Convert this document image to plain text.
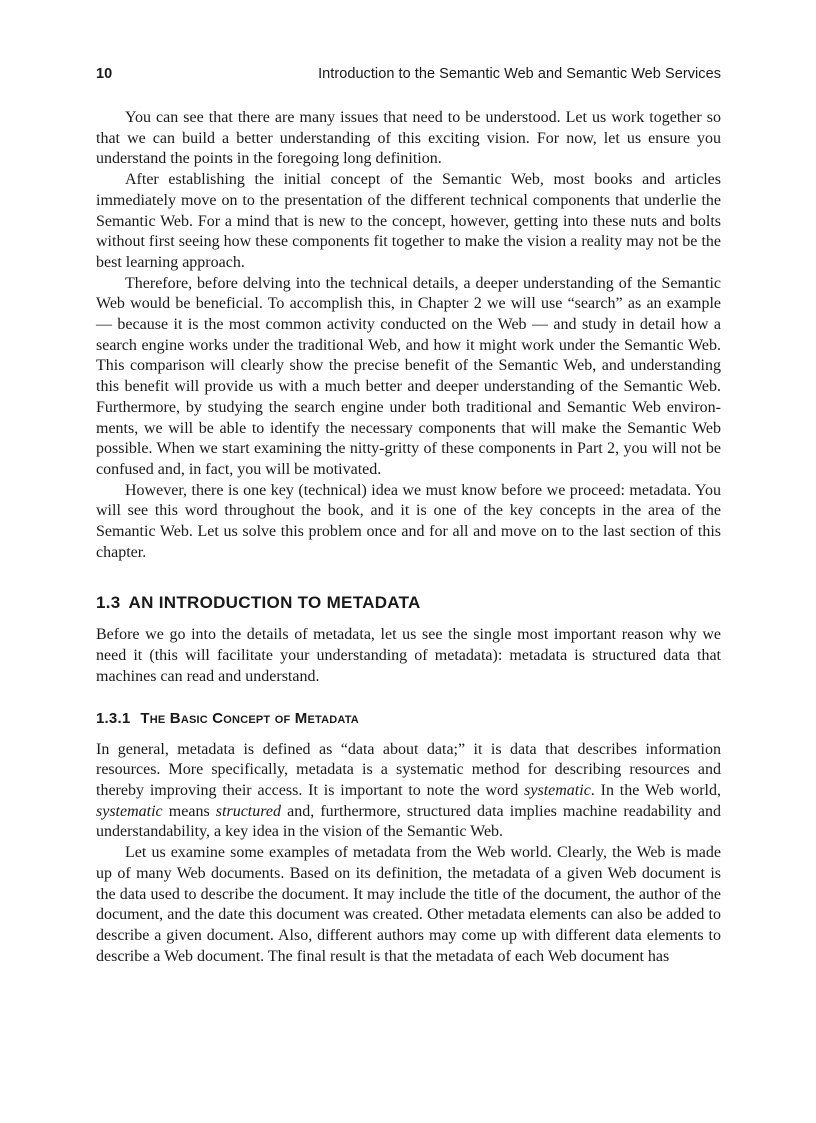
10	Introduction to the Semantic Web and Semantic Web Services

You can see that there are many issues that need to be understood. Let us work together so that we can build a better understanding of this exciting vision. For now, let us ensure you understand the points in the foregoing long definition.

After establishing the initial concept of the Semantic Web, most books and articles immediately move on to the presentation of the different technical components that underlie the Semantic Web. For a mind that is new to the concept, however, getting into these nuts and bolts without first seeing how these components fit together to make the vision a reality may not be the best learning approach.

Therefore, before delving into the technical details, a deeper understanding of the Semantic Web would be beneficial. To accomplish this, in Chapter 2 we will use “search” as an example — because it is the most common activity conducted on the Web — and study in detail how a search engine works under the traditional Web, and how it might work under the Semantic Web. This comparison will clearly show the precise benefit of the Semantic Web, and understanding this benefit will provide us with a much better and deeper understanding of the Semantic Web. Furthermore, by studying the search engine under both traditional and Semantic Web environments, we will be able to identify the necessary components that will make the Semantic Web possible. When we start examining the nitty-gritty of these components in Part 2, you will not be confused and, in fact, you will be motivated.

However, there is one key (technical) idea we must know before we proceed: metadata. You will see this word throughout the book, and it is one of the key concepts in the area of the Semantic Web. Let us solve this problem once and for all and move on to the last section of this chapter.

1.3 AN INTRODUCTION TO METADATA

Before we go into the details of metadata, let us see the single most important reason why we need it (this will facilitate your understanding of metadata): metadata is structured data that machines can read and understand.

1.3.1 The Basic Concept of Metadata

In general, metadata is defined as “data about data;” it is data that describes information resources. More specifically, metadata is a systematic method for describing resources and thereby improving their access. It is important to note the word systematic. In the Web world, systematic means structured and, furthermore, structured data implies machine readability and understandability, a key idea in the vision of the Semantic Web.

Let us examine some examples of metadata from the Web world. Clearly, the Web is made up of many Web documents. Based on its definition, the metadata of a given Web document is the data used to describe the document. It may include the title of the document, the author of the document, and the date this document was created. Other metadata elements can also be added to describe a given document. Also, different authors may come up with different data elements to describe a Web document. The final result is that the metadata of each Web document has
